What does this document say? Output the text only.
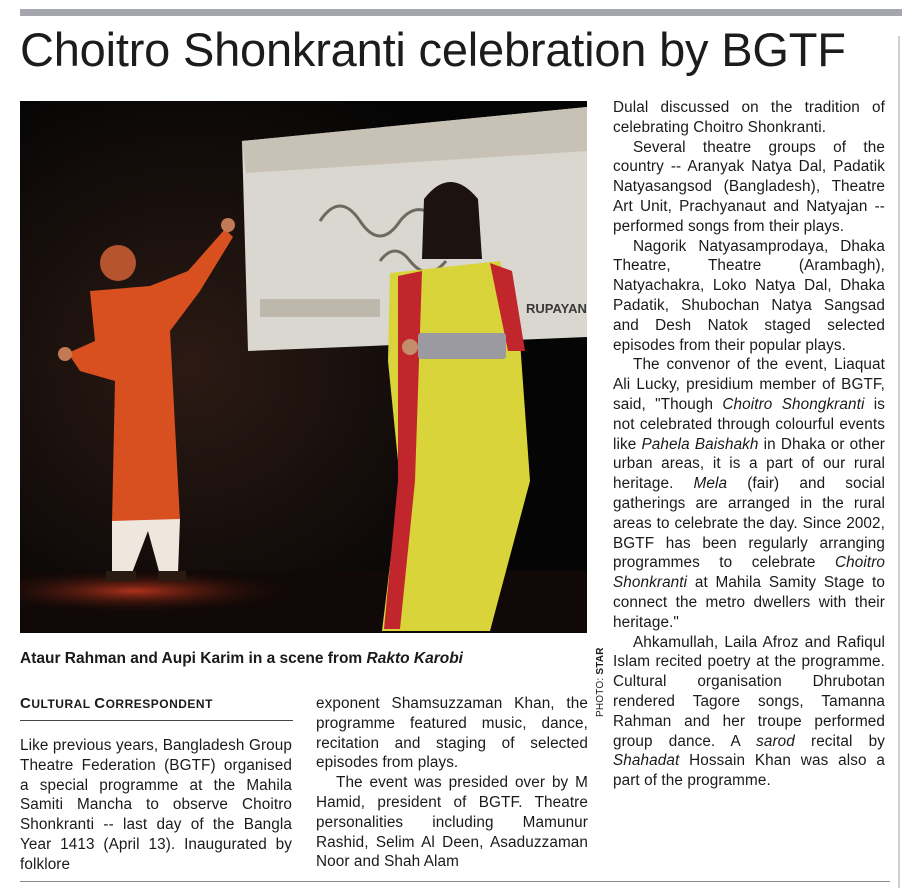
Choitro Shonkranti celebration by BGTF
RUPAYAN
PHOTO: STAR
Ataur Rahman and Aupi Karim in a scene from Rakto Karobi
CULTURAL CORRESPONDENT

Like previous years, Bangladesh Group Theatre Federation (BGTF) organised a special programme at the Mahila Samiti Mancha to observe Choitro Shonkranti -- last day of the Bangla Year 1413 (April 13). Inaugurated by folklore

exponent Shamsuzzaman Khan, the programme featured music, dance, recitation and staging of selected episodes from plays.

The event was presided over by M Hamid, president of BGTF. Theatre personalities including Mamunur Rashid, Selim Al Deen, Asaduzzaman Noor and Shah Alam

Dulal discussed on the tradition of celebrating Choitro Shonkranti.

Several theatre groups of the country -- Aranyak Natya Dal, Padatik Natyasangsod (Bangladesh), Theatre Art Unit, Prachyanaut and Natyajan -- performed songs from their plays.

Nagorik Natyasamprodaya, Dhaka Theatre, Theatre (Arambagh), Natyachakra, Loko Natya Dal, Dhaka Padatik, Shubochan Natya Sangsad and Desh Natok staged selected episodes from their popular plays.

The convenor of the event, Liaquat Ali Lucky, presidium member of BGTF, said, "Though Choitro Shongkranti is not celebrated through colourful events like Pahela Baishakh in Dhaka or other urban areas, it is a part of our rural heritage. Mela (fair) and social gatherings are arranged in the rural areas to celebrate the day. Since 2002, BGTF has been regularly arranging programmes to celebrate Choitro Shonkranti at Mahila Samity Stage to connect the metro dwellers with their heritage."

Ahkamullah, Laila Afroz and Rafiqul Islam recited poetry at the programme. Cultural organisation Dhrubotan rendered Tagore songs, Tamanna Rahman and her troupe performed group dance. A sarod recital by Shahadat Hossain Khan was also a part of the programme.
